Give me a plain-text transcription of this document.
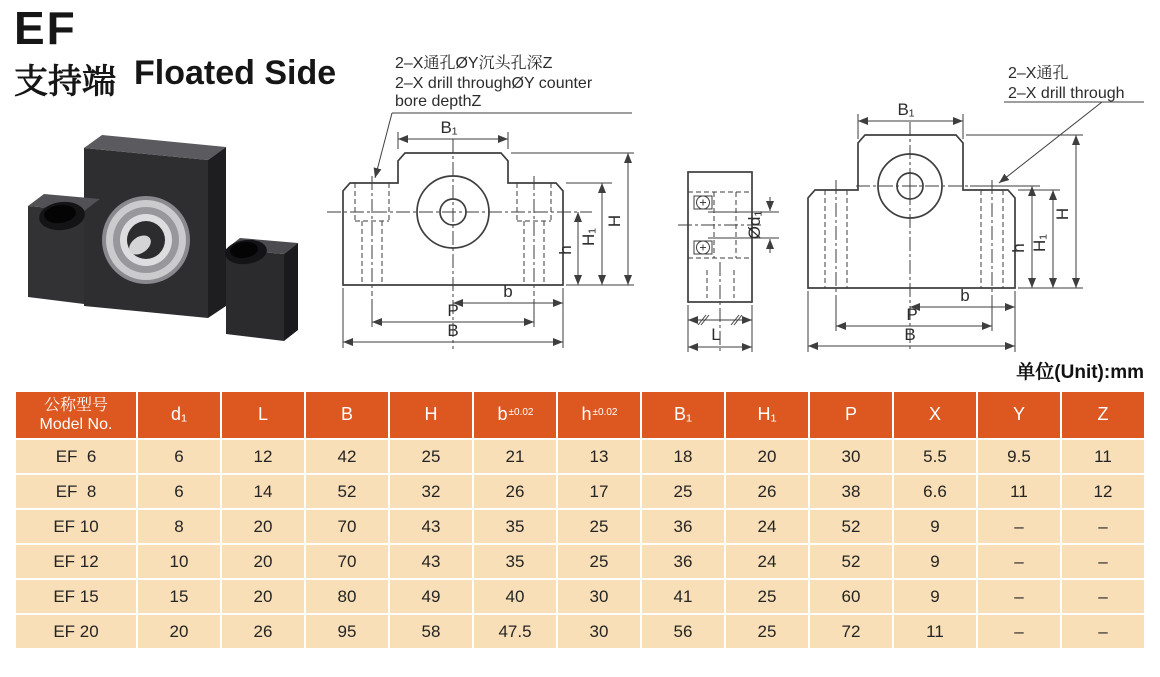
EF
支持端 Floated Side	2–X通孔ØY沉头孔深Z
2–X drill throughØY counter
bore depthZ
2–X通孔
2–X drill through
B₁
h
H₁
H
b
P
B
Ød₁
L
B₁
h H₁
H
b
P
B
单位(Unit):mm
公称型号
Model No.	d₁	L	B	H	$b^{\pm 0.02}$	$h^{\pm 0.02}$	B₁	H₁	P	X	Y	Z
EF  6	6	12	42	25	21	13	18	20	30	5.5	9.5	11
EF  8	6	14	52	32	26	17	25	26	38	6.6	11	12
EF 10	8	20	70	43	35	25	36	24	52	9	–	–
EF 12	10	20	70	43	35	25	36	24	52	9	–	–
EF 15	15	20	80	49	40	30	41	25	60	9	–	–
EF 20	20	26	95	58	47.5	30	56	25	72	11	–	–
